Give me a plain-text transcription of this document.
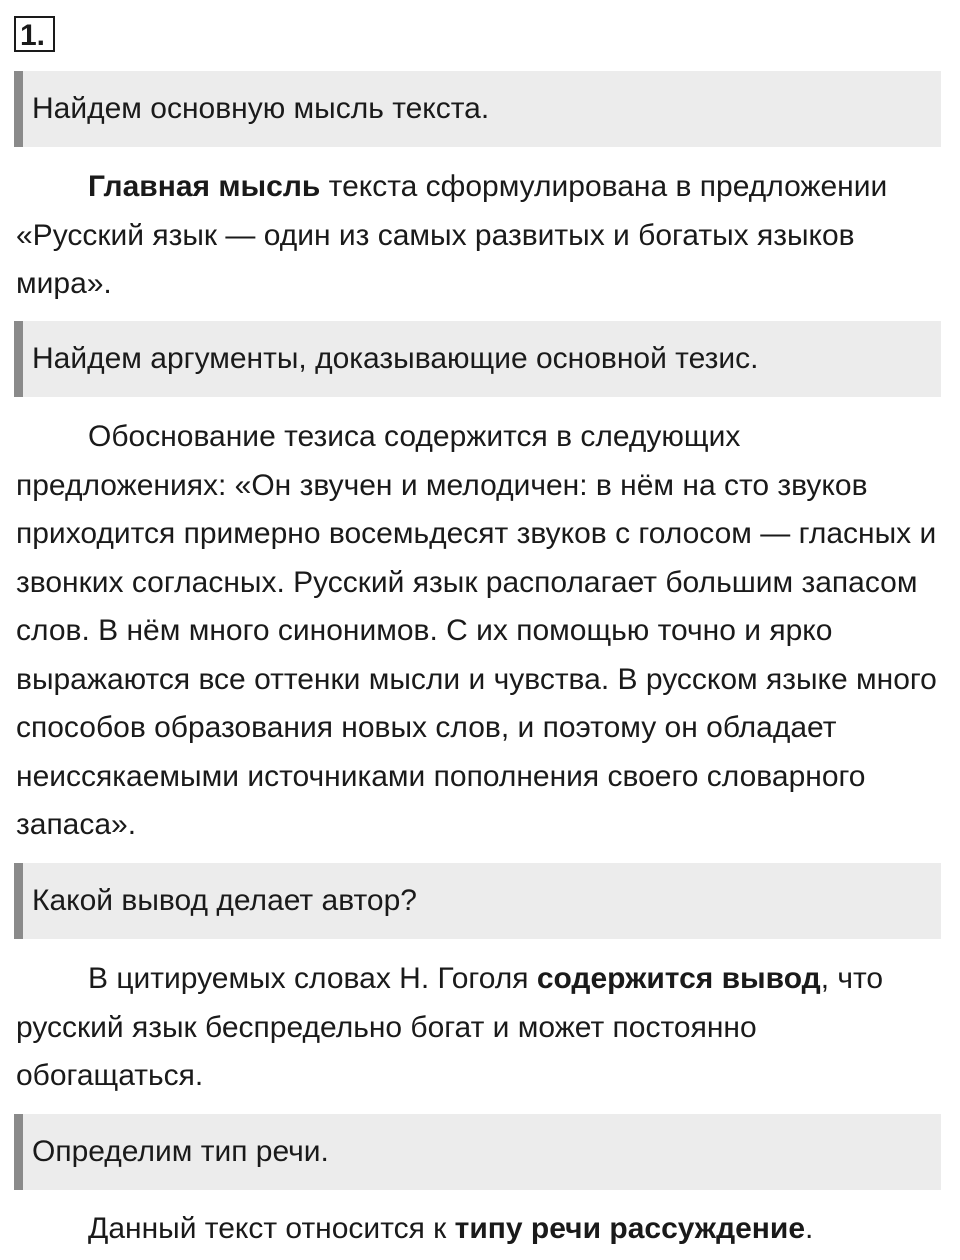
1.
Найдем основную мысль текста.

Главная мысль текста сформулирована в предложении «Русский язык — один из самых развитых и богатых языков мира».

Найдем аргументы, доказывающие основной тезис.

Обоснование тезиса содержится в следующих предложениях: «Он звучен и мелодичен: в нём на сто звуков приходится примерно восемьдесят звуков с голосом — гласных и звонких согласных. Русский язык располагает большим запасом слов. В нём много синонимов. С их помощью точно и ярко выражаются все оттенки мысли и чувства. В русском языке много способов образования новых слов, и поэтому он обладает неиссякаемыми источниками пополнения своего словарного запаса».

Какой вывод делает автор?

В цитируемых словах Н. Гоголя содержится вывод, что русский язык беспредельно богат и может постоянно обогащаться.

Определим тип речи.

Данный текст относится к типу речи рассуждение.
